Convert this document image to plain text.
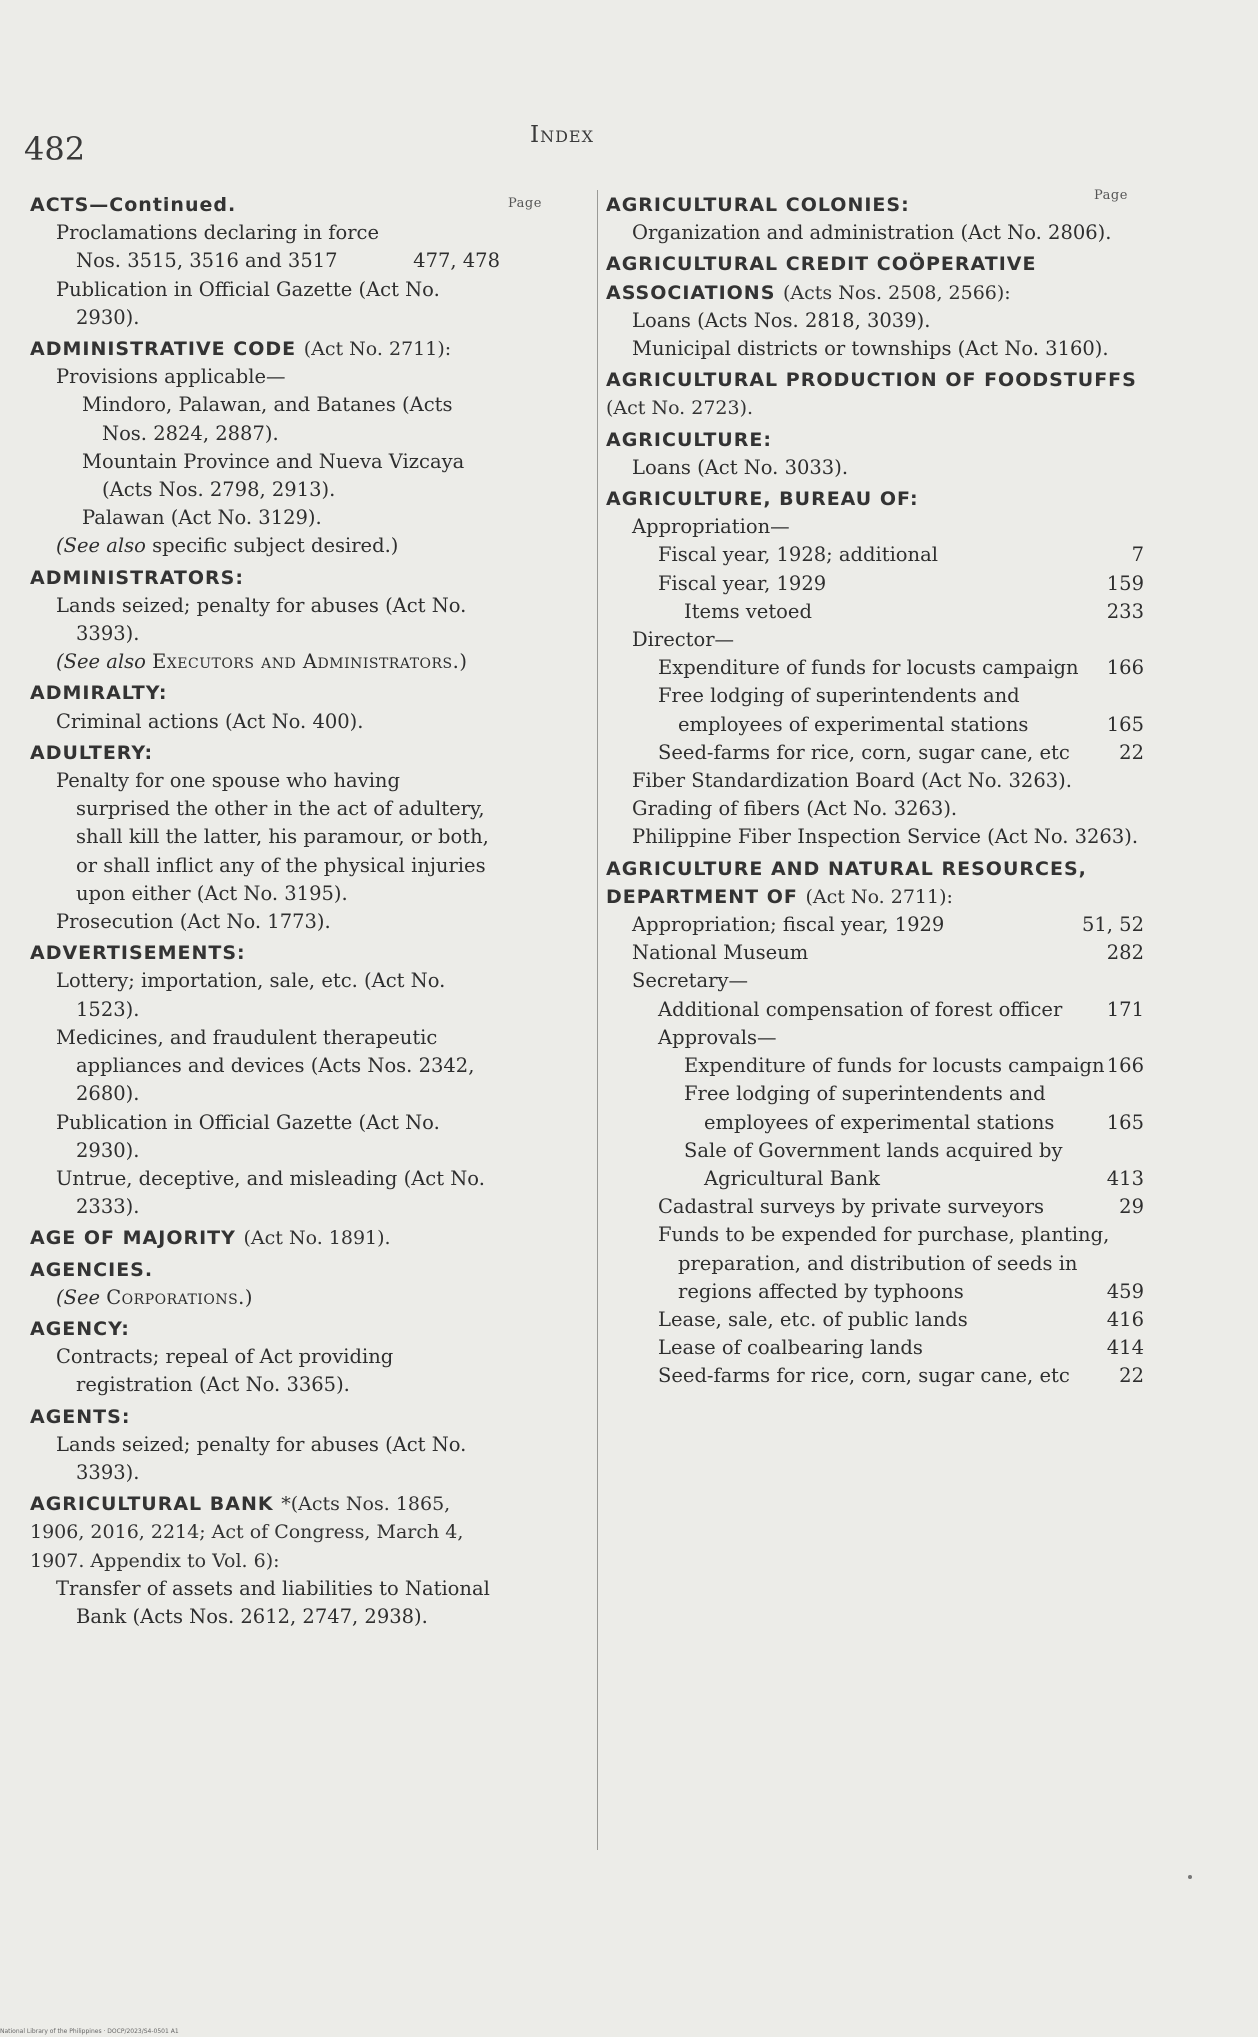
482	Index
Page
Page
ACTS—Continued.
Proclamations declaring in force Nos. 3515, 3516 and 3517	477, 478
Publication in Official Gazette (Act No. 2930).
ADMINISTRATIVE CODE (Act No. 2711):
Provisions applicable—
Mindoro, Palawan, and Batanes (Acts Nos. 2824, 2887).
Mountain Province and Nueva Vizcaya (Acts Nos. 2798, 2913).
Palawan (Act No. 3129).
(See also specific subject desired.)
ADMINISTRATORS:
Lands seized; penalty for abuses (Act No. 3393).
(See also Executors and Administrators.)
ADMIRALTY:
Criminal actions (Act No. 400).
ADULTERY:
Penalty for one spouse who having surprised the other in the act of adultery, shall kill the latter, his paramour, or both, or shall inflict any of the physical injuries upon either (Act No. 3195).
Prosecution (Act No. 1773).
ADVERTISEMENTS:
Lottery; importation, sale, etc. (Act No. 1523).
Medicines, and fraudulent therapeutic appliances and devices (Acts Nos. 2342, 2680).
Publication in Official Gazette (Act No. 2930).
Untrue, deceptive, and misleading (Act No. 2333).
AGE OF MAJORITY (Act No. 1891).
AGENCIES.
(See Corporations.)
AGENCY:
Contracts; repeal of Act providing registration (Act No. 3365).
AGENTS:
Lands seized; penalty for abuses (Act No. 3393).
AGRICULTURAL BANK *(Acts Nos. 1865, 1906, 2016, 2214; Act of Congress, March 4, 1907. Appendix to Vol. 6):
Transfer of assets and liabilities to National Bank (Acts Nos. 2612, 2747, 2938).
AGRICULTURAL COLONIES:
Organization and administration (Act No. 2806).
AGRICULTURAL CREDIT COÖPERATIVE ASSOCIATIONS (Acts Nos. 2508, 2566):
Loans (Acts Nos. 2818, 3039).
Municipal districts or townships (Act No. 3160).
AGRICULTURAL PRODUCTION OF FOODSTUFFS (Act No. 2723).
AGRICULTURE:
Loans (Act No. 3033).
AGRICULTURE, BUREAU OF:
Appropriation—
Fiscal year, 1928; additional	7
Fiscal year, 1929	159
Items vetoed	233
Director—
Expenditure of funds for locusts campaign	166
Free lodging of superintendents and employees of experimental stations	165
Seed-farms for rice, corn, sugar cane, etc	22
Fiber Standardization Board (Act No. 3263).
Grading of fibers (Act No. 3263).
Philippine Fiber Inspection Service (Act No. 3263).
AGRICULTURE AND NATURAL RESOURCES, DEPARTMENT OF (Act No. 2711):
Appropriation; fiscal year, 1929	51, 52
National Museum	282
Secretary—
Additional compensation of forest officer	171
Approvals—
Expenditure of funds for locusts campaign 166
Free lodging of superintendents and employees of experimental stations	165
Sale of Government lands acquired by Agricultural Bank	413
Cadastral surveys by private surveyors	29
Funds to be expended for purchase, planting, preparation, and distribution of seeds in regions affected by typhoons	459
Lease, sale, etc. of public lands	416
Lease of coalbearing lands	414
Seed-farms for rice, corn, sugar cane, etc	22
National Library of the Philippines · DOCP/2023/S4-0501 A1
